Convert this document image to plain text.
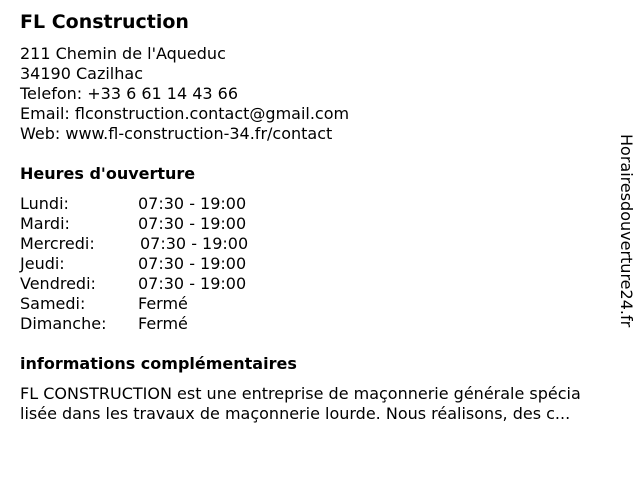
FL Construction
211 Chemin de l'Aqueduc
34190 Cazilhac
Telefon: +33 6 61 14 43 66
Email: flconstruction.contact@gmail.com
Web: www.fl-construction-34.fr/contact
Heures d'ouverture
Lundi:	07:30 - 19:00
Mardi:	07:30 - 19:00
Mercredi:	07:30 - 19:00
Jeudi:	07:30 - 19:00
Vendredi:	07:30 - 19:00
Samedi:	Fermé
Dimanche: Fermé
informations complémentaires
FL CONSTRUCTION est une entreprise de maçonnerie générale spécia
lisée dans les travaux de maçonnerie lourde. Nous réalisons, des c...
Horairesdouverture24.fr
